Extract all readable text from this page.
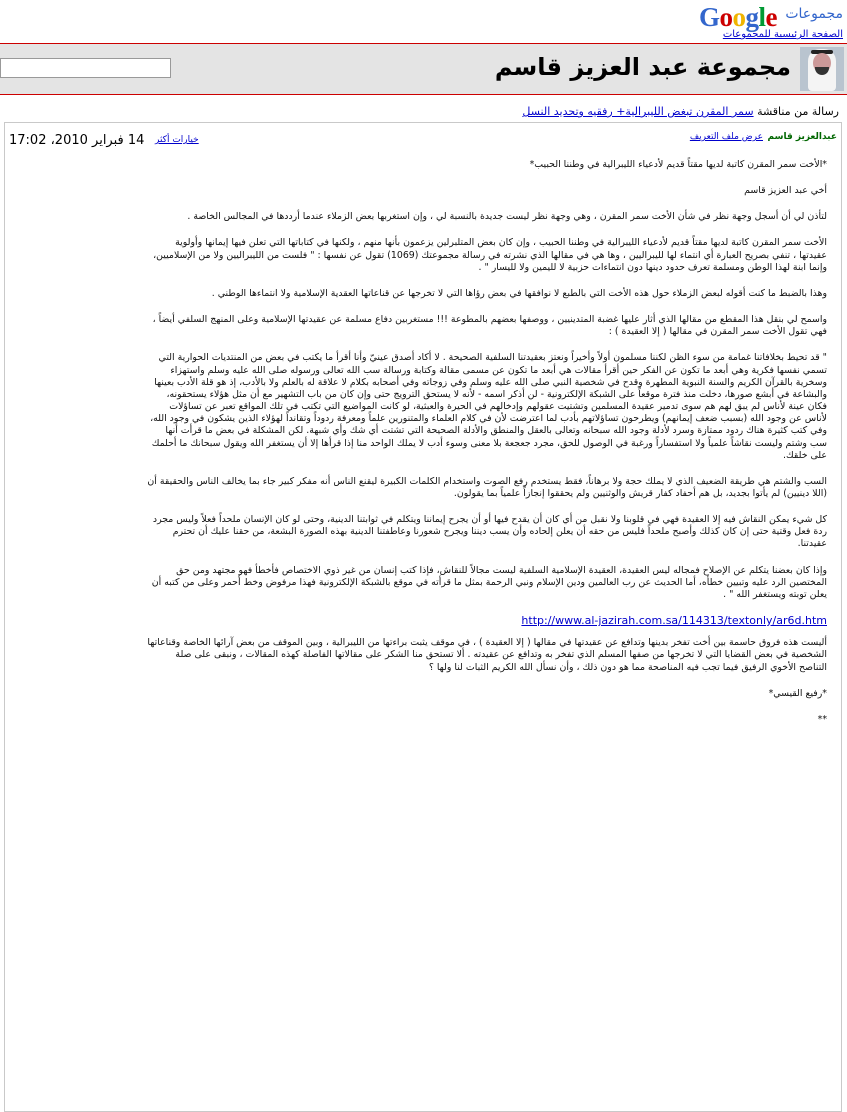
Google مجموعات
الصفحة الرئيسية للمجموعات
مجموعة عبد العزيز قاسم
رسالة من مناقشة سمر المقرن تبغض الليبرالية+ رفقيه وتحديد النسل
عبدالعزيز قاسم
عرض ملف التعريف
خيارات أكثر
14 فبراير 2010، 17:02

*الأخت سمر المقرن كاتبة لديها مقتاً قديم لأدعياء الليبرالية في وطننا الحبيب*

أخي عبد العزيز قاسم

لتأذن لي أن أسجل وجهة نظر في شأن الأخت سمر المقرن ، وهي وجهة نظر ليست جديدة بالنسبة لي ، وإن استغربها بعض الزملاء عندما أرددها في المجالس الخاصة .

الأخت سمر المقرن كاتبة لديها مقتاً قديم لأدعياء الليبرالية في وطننا الحبيب ، وإن كان بعض المتلبرلين يزعمون بأنها منهم ، ولكنها في كتاباتها التي تعلن فيها إيمانها وأولوية عقيدتها ، تنفي بصريح العبارة أي انتماء لها لليبراليين ، وها هي في مقالها الذي نشرته في رسالة مجموعتك (1069) تقول عن نفسها : " فلست من الليبراليين ولا من الإسلاميين، وإنما ابنة لهذا الوطن ومسلمة تعرف حدود دينها دون انتماءات حزبية لا لليمين ولا لليسار " .

وهذا بالضبط ما كنت أقوله لبعض الزملاء حول هذه الأخت التي بالطبع لا نوافقها في بعض رؤاها التي لا تخرجها عن قناعاتها العقدية الإسلامية ولا انتماءها الوطني .

واسمح لي بنقل هذا المقطع من مقالها الذي أثار عليها غضبة المتدينيين ، ووصفها بعضهم بالمطوعة !!! مستغربين دفاع مسلمة عن عقيدتها الإسلامية وعلى المنهج السلفي أيضاً ، فهي تقول الأخت سمر المقرن في مقالها ( إلا العقيدة ) :

" قد تحيط بخلافاتنا غمامة من سوء الظن لكننا مسلمون أولاً وأخيراً ونعتز بعقيدتنا السلفية الصحيحة . لا أكاد أصدق عينيّ وأنا أقرأ ما يكتب في بعض من المنتديات الحوارية التي تسمي نفسها فكرية وهي أبعد ما تكون عن الفكر حين أقرأ مقالات هي أبعد ما تكون عن مسمى مقالة وكتابة ورسالة سب الله تعالى ورسوله صلى الله عليه وسلم واستهزاء وسخرية بالقرآن الكريم والسنة النبوية المطهرة وقدح في شخصية النبي صلى الله عليه وسلم وفي زوجاته وفي أصحابه بكلام لا علاقة له بالعلم ولا بالأدب، إذ هو قلة الأدب بعينها والبشاعة في أبشع صورها، دخلت منذ فترة موقعاً على الشبكة الإلكترونية - لن أذكر اسمه - لأنه لا يستحق الترويج حتى وإن كان من باب التشهير مع أن مثل هؤلاء يستحقونه، فكان عينة لأناس لم يبق لهم هم سوى تدمير عقيدة المسلمين وتشتيت عقولهم وإدخالهم في الحيرة والعبثية، لو كانت المواضيع التي تكتب في تلك المواقع تعبر عن تساؤلات لأناس عن وجود الله (بسبب ضعف إيمانهم) ويطرحون تساؤلاتهم بأدب لما اعترضت لأن في كلام العلماء والمتنورين علماً ومعرفة ردوداً وتقانداً لهؤلاء الذين يشكون في وجود الله، وفي كتب كثيرة هناك ردود ممتازة وسرد لأدلة وجود الله سبحانه وتعالى بالعقل والمنطق والأدلة الصحيحة التي تشتت أي شك وأي شبهة. لكن المشكلة في بعض ما قرأت أنها سب وشتم وليست نقاشاً علمياً ولا استفساراً ورغبة في الوصول للحق، مجرد جعجعة بلا معنى وسوء أدب لا يملك الواحد منا إذا قرأها إلا أن يستغفر الله ويقول سبحانك ما أحلمك على خلقك.

السب والشتم هي طريقة الضعيف الذي لا يملك حجة ولا برهاناً، فقط يستخدم رفع الصوت واستخدام الكلمات الكبيرة ليقنع الناس أنه مفكر كبير جاء بما يخالف الناس والحقيقة أن (اللا دينيين) لم يأتوا بجديد، بل هم أحفاد كفار قريش والوثنيين ولم يحققوا إنجازاً علمياً بما يقولون.

كل شيء يمكن النقاش فيه إلا العقيدة فهي في قلوبنا ولا نقبل من أي كان أن يقدح فيها أو أن يجرح إيماننا ويتكلم في ثوابتنا الدينية، وحتى لو كان الإنسان ملحداً فعلاً وليس مجرد ردة فعل وقتية حتى إن كان كذلك وأصبح ملحداً فليس من حقه أن يعلن إلحاده وأن يسب ديننا ويجرح شعورنا وعاطفتنا الدينية بهذه الصورة البشعة، من حقنا عليك أن تحترم عقيدتنا.

وإذا كان بعضنا يتكلم عن الإصلاح فمجاله ليس العقيدة، العقيدة الإسلامية السلفية ليست مجالاً للنقاش، فإذا كتب إنسان من غير ذوي الاختصاص فأخطأ فهو مجتهد ومن حق المختصين الرد عليه وتبيين خطأه، أما الحديث عن رب العالمين ودين الإسلام ونبي الرحمة بمثل ما قرأته في موقع بالشبكة الإلكترونية فهذا مرفوض وخط أحمر وعلى من كتبه أن يعلن توبته ويستغفر الله " .

http://www.al-jazirah.com.sa/114313/textonly/ar6d.htm

أليست هذه فروق حاسمة بين أخت تفخر بدينها وتدافع عن عقيدتها في مقالها ( إلا العقيدة ) ، في موقف يثبت براءتها من الليبرالية ، وبين الموقف من بعض آرائها الخاصة وقناعاتها الشخصية في بعض القضايا التي لا تخرجها من صفها المسلم الذي تفخر به وتدافع عن عقيدته . ألا تستحق منا الشكر على مقالاتها الفاصلة كهذه المقالات ، ونبقى على صلة التناصح الأخوي الرفيق فيما تجب فيه المناصحة مما هو دون ذلك ، وأن نسأل الله الكريم الثبات لنا ولها ؟

*رفيع القيسي*

**
